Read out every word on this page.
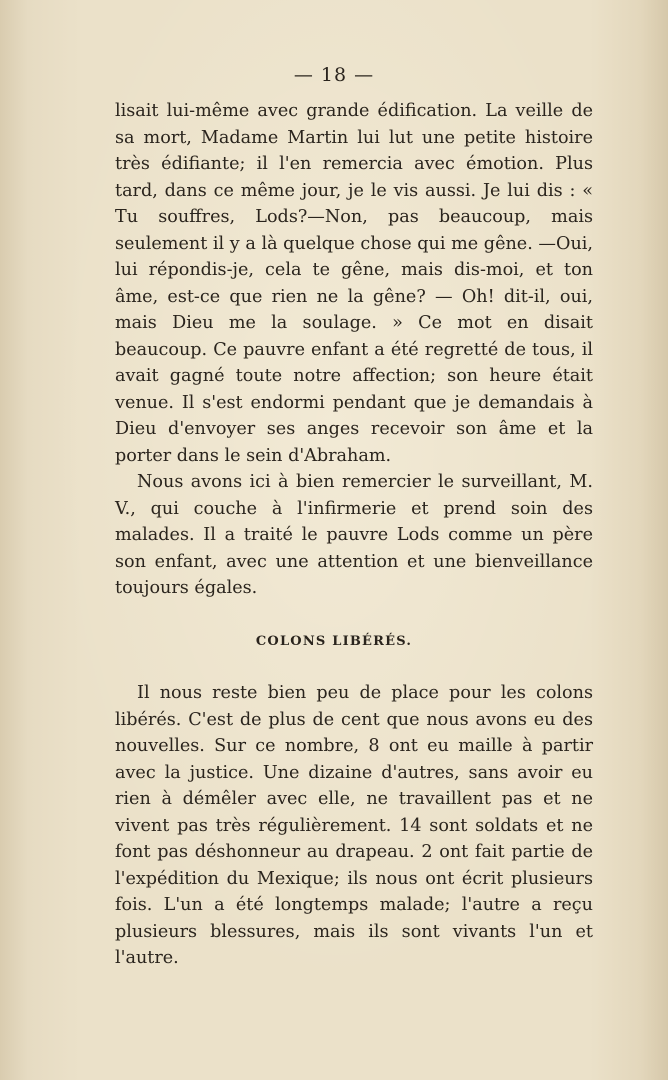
— 18 —

lisait lui-même avec grande édification. La veille de sa mort, Madame Martin lui lut une petite histoire très édifiante; il l'en remercia avec émotion. Plus tard, dans ce même jour, je le vis aussi. Je lui dis : « Tu souffres, Lods?—Non, pas beaucoup, mais seulement il y a là quelque chose qui me gêne. —Oui, lui répondis-je, cela te gêne, mais dis-moi, et ton âme, est-ce que rien ne la gêne? — Oh! dit-il, oui, mais Dieu me la soulage. » Ce mot en disait beaucoup. Ce pauvre enfant a été regretté de tous, il avait gagné toute notre affection; son heure était venue. Il s'est endormi pendant que je demandais à Dieu d'envoyer ses anges recevoir son âme et la porter dans le sein d'Abraham.

Nous avons ici à bien remercier le surveillant, M. V., qui couche à l'infirmerie et prend soin des malades. Il a traité le pauvre Lods comme un père son enfant, avec une attention et une bienveillance toujours égales.

COLONS LIBÉRÉS.

Il nous reste bien peu de place pour les colons libérés. C'est de plus de cent que nous avons eu des nouvelles. Sur ce nombre, 8 ont eu maille à partir avec la justice. Une dizaine d'autres, sans avoir eu rien à démêler avec elle, ne travaillent pas et ne vivent pas très régulièrement. 14 sont soldats et ne font pas déshonneur au drapeau. 2 ont fait partie de l'expédition du Mexique; ils nous ont écrit plusieurs fois. L'un a été longtemps malade; l'autre a reçu plusieurs blessures, mais ils sont vivants l'un et l'autre.
